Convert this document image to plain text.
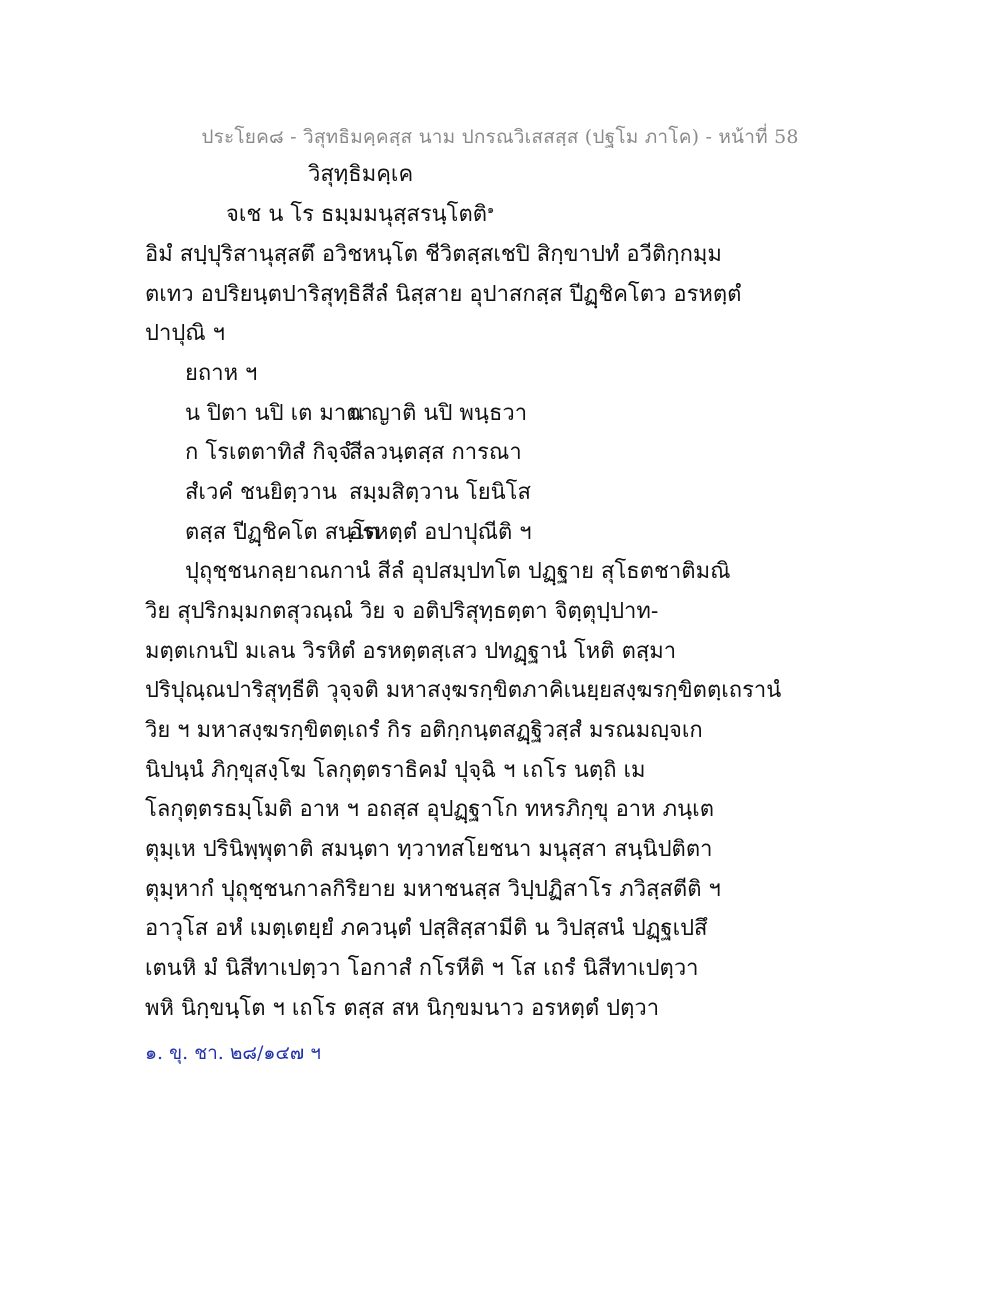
ประโยค๘ - วิสุทธิมคฺคสฺส นาม ปกรณวิเสสสฺส (ปฐโม ภาโค) - หน้าที่ 58
วิสุทฺธิมคฺเค
จเช น โร ธมฺมมนุสฺสรนฺโตติ$^๑$
อิมํ สปฺปุริสานุสฺสตึ อวิชหนฺโต ชีวิตสฺสเชปิ สิกฺขาปทํ อวีติกฺกมฺม
ตเทว อปริยนฺตปาริสุทฺธิสีลํ นิสฺสาย อุปาสกสฺส ปีฏฺชิคโตว อรหตฺตํ
ปาปุณิ ฯ
ยถาห ฯ
น ปิตา นปิ เต มาตา น ญาติ นปิ พนฺธวา
ก โรเตตาทิสํ กิจฺจํ สีลวนฺตสฺส การณา
สํเวคํ ชนยิตฺวาน สมฺมสิตฺวาน โยนิโส
ตสฺส ปีฏฺชิคโต สนฺโต อรหตฺตํ อปาปุณีติ ฯ
ปุถุชฺชนกลฺยาณกานํ สีลํ อุปสมฺปทโต ปฏฺฐาย สุโธตชาติมณิ
วิย สุปริกมฺมกตสุวณฺณํ วิย จ อติปริสุทฺธตฺตา จิตฺตุปฺปาท-
มตฺตเกนปิ มเลน วิรหิตํ อรหตฺตสฺเสว ปทฏฺฐานํ โหติ ตสฺมา
ปริปุณฺณปาริสุทฺธีติ วุจฺจติ มหาสงฺฆรกฺขิตภาคิเนยฺยสงฺฆรกฺขิตตฺเถรานํ
วิย ฯ มหาสงฺฆรกฺขิตตฺเถรํ กิร อติกฺกนฺตสฏฺฐิวสฺสํ มรณมญฺจเก
นิปนฺนํ ภิกฺขุสงฺโฆ โลกุตฺตราธิคมํ ปุจฺฉิ ฯ เถโร นตฺถิ เม
โลกุตฺตรธมฺโมติ อาห ฯ อถสฺส อุปฏฺฐาโก ทหรภิกฺขุ อาห ภนฺเต
ตุมฺเห ปรินิพฺพุตาติ สมนฺตา ทฺวาทสโยชนา มนุสฺสา สนฺนิปติตา
ตุมฺหากํ ปุถุชฺชนกาลกิริยาย มหาชนสฺส วิปฺปฏิสาโร ภวิสฺสตีติ ฯ
อาวุโส อหํ เมตฺเตยฺยํ ภควนฺตํ ปสฺสิสฺสามีติ น วิปสฺสนํ ปฏฺฐเปสึ
เตนหิ มํ นิสีทาเปตฺวา โอกาสํ กโรหีติ ฯ โส เถรํ นิสีทาเปตฺวา
พหิ นิกฺขนฺโต ฯ เถโร ตสฺส สห นิกฺขมนาว อรหตฺตํ ปตฺวา
๑. ขุ. ชา. ๒๘/๑๔๗ ฯ
